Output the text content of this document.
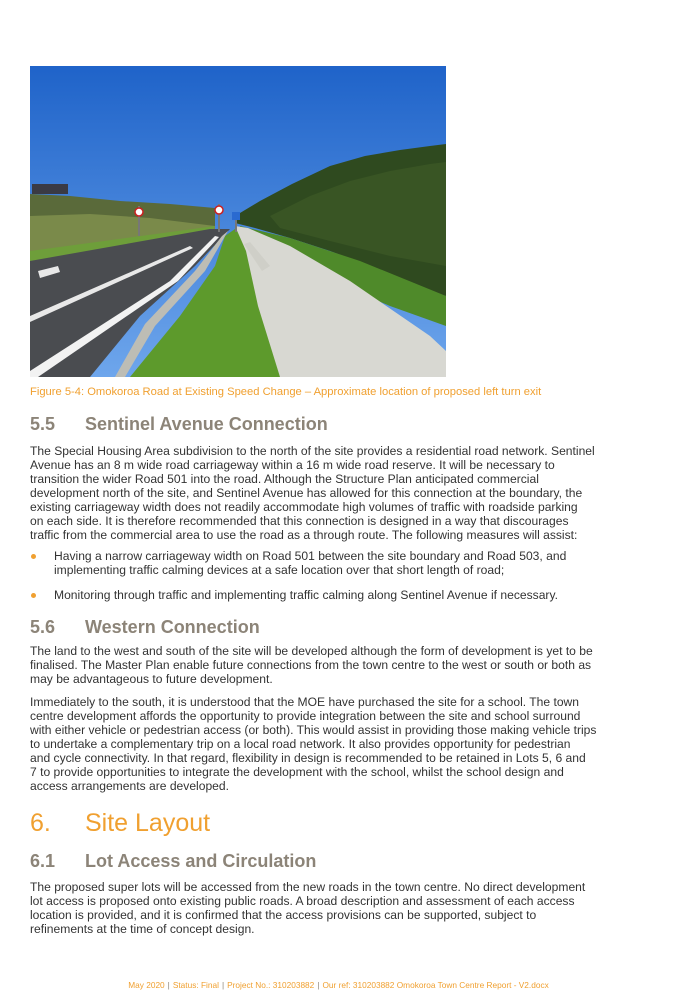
Figure 5-4: Omokoroa Road at Existing Speed Change – Approximate location of proposed left turn exit
5.5 Sentinel Avenue Connection
The Special Housing Area subdivision to the north of the site provides a residential road network. Sentinel
Avenue has an 8 m wide road carriageway within a 16 m wide road reserve. It will be necessary to
transition the wider Road 501 into the road. Although the Structure Plan anticipated commercial
development north of the site, and Sentinel Avenue has allowed for this connection at the boundary, the
existing carriageway width does not readily accommodate high volumes of traffic with roadside parking
on each side. It is therefore recommended that this connection is designed in a way that discourages
traffic from the commercial area to use the road as a through route. The following measures will assist:
Having a narrow carriageway width on Road 501 between the site boundary and Road 503, and
implementing traffic calming devices at a safe location over that short length of road;
Monitoring through traffic and implementing traffic calming along Sentinel Avenue if necessary.
5.6 Western Connection
The land to the west and south of the site will be developed although the form of development is yet to be
finalised. The Master Plan enable future connections from the town centre to the west or south or both as
may be advantageous to future development.
Immediately to the south, it is understood that the MOE have purchased the site for a school. The town
centre development affords the opportunity to provide integration between the site and school surround
with either vehicle or pedestrian access (or both). This would assist in providing those making vehicle trips
to undertake a complementary trip on a local road network. It also provides opportunity for pedestrian
and cycle connectivity. In that regard, flexibility in design is recommended to be retained in Lots 5, 6 and
7 to provide opportunities to integrate the development with the school, whilst the school design and
access arrangements are developed.
6. Site Layout
6.1 Lot Access and Circulation
The proposed super lots will be accessed from the new roads in the town centre. No direct development
lot access is proposed onto existing public roads. A broad description and assessment of each access
location is provided, and it is confirmed that the access provisions can be supported, subject to
refinements at the time of concept design.
May 2020 | Status: Final | Project No.: 310203882 | Our ref: 310203882 Omokoroa Town Centre Report - V2.docx
